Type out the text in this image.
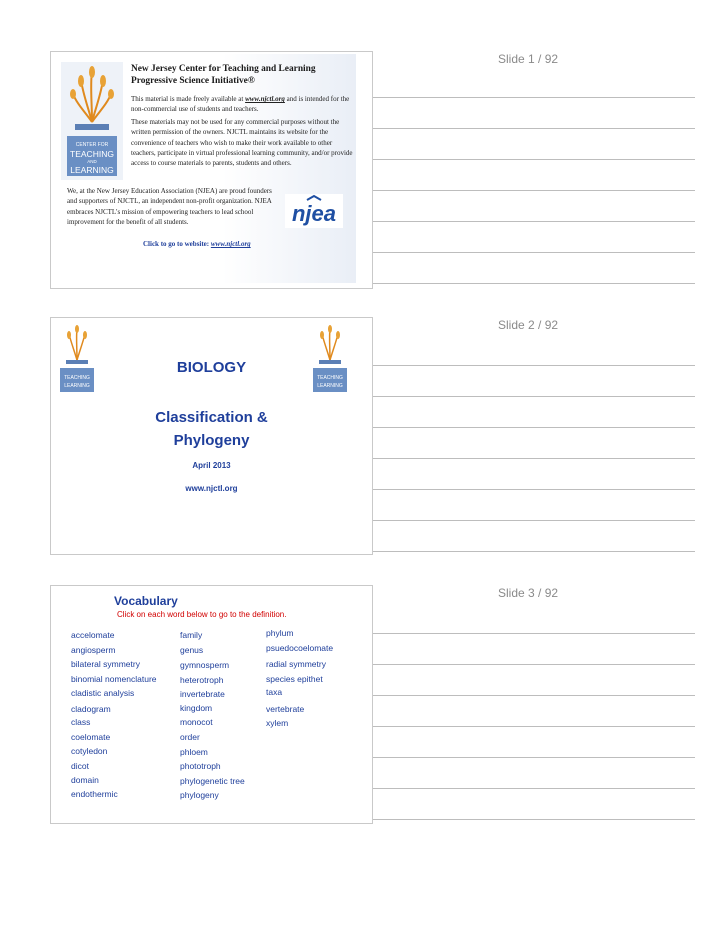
Slide 1 / 92
CENTER FOR
TEACHING
AND
LEARNING
New Jersey Center for Teaching and Learning
Progressive Science Initiative®
This material is made freely available at www.njctl.org and is intended for the non-commercial use of students and teachers.
These materials may not be used for any commercial purposes without the written permission of the owners. NJCTL maintains its website for the convenience of teachers who wish to make their work available to other teachers, participate in virtual professional learning community, and/or provide access to course materials to parents, students and others.
We, at the New Jersey Education Association (NJEA) are proud founders and supporters of NJCTL, an independent non-profit organization. NJEA embraces NJCTL's mission of empowering teachers to lead school improvement for the benefit of all students.	njea
Click to go to website: www.njctl.org
Slide 2 / 92
TEACHING
LEARNING
TEACHING
LEARNING
BIOLOGY
Classification &
Phylogeny
April 2013
www.njctl.org
Slide 3 / 92
Vocabulary
Click on each word below to go to the definition.
accelomate
angiosperm
bilateral symmetry
binomial nomenclature
cladistic analysis
cladogram
class
coelomate
cotyledon
dicot
domain
endothermic
family
genus
gymnosperm
heterotroph
invertebrate
kingdom
monocot
order
phloem
phototroph
phylogenetic tree
phylogeny
phylum
psuedocoelomate
radial symmetry
species epithet
taxa
vertebrate
xylem
